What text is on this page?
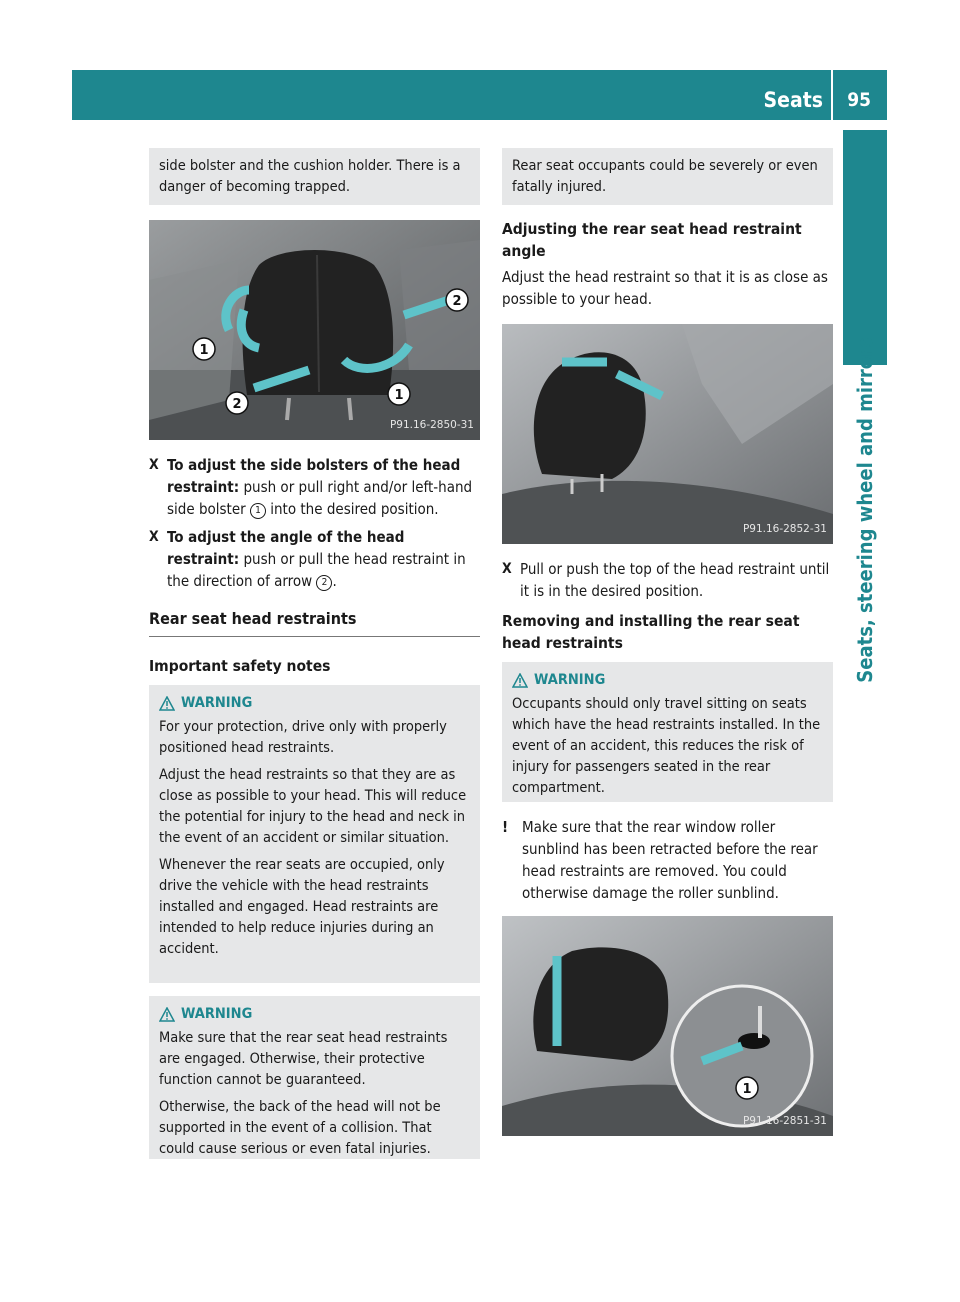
Seats 95
Seats, steering wheel and mirrors
side bolster and the cushion holder. There is a danger of becoming trapped.
1
2
2
1
P91.16-2850-31
X To adjust the side bolsters of the head restraint: push or pull right and/or left-hand side bolster 1 into the desired position.
X To adjust the angle of the head restraint: push or pull the head restraint in the direction of arrow 2 .
Rear seat head restraints
Important safety notes
WARNING

For your protection, drive only with properly positioned head restraints.

Adjust the head restraints so that they are as close as possible to your head. This will reduce the potential for injury to the head and neck in the event of an accident or similar situation.

Whenever the rear seats are occupied, only drive the vehicle with the head restraints installed and engaged. Head restraints are intended to help reduce injuries during an accident.

WARNING

Make sure that the rear seat head restraints are engaged. Otherwise, their protective function cannot be guaranteed.

Otherwise, the back of the head will not be supported in the event of a collision. That could cause serious or even fatal injuries.

Rear seat occupants could be severely or even fatally injured.
Adjusting the rear seat head restraint angle
Adjust the head restraint so that it is as close as possible to your head.
P91.16-2852-31
X Pull or push the top of the head restraint until it is in the desired position.
Removing and installing the rear seat head restraints
WARNING

Occupants should only travel sitting on seats which have the head restraints installed. In the event of an accident, this reduces the risk of injury for passengers seated in the rear compartment.

! Make sure that the rear window roller sunblind has been retracted before the rear head restraints are removed. You could otherwise damage the roller sunblind.
1
P91.16-2851-31
